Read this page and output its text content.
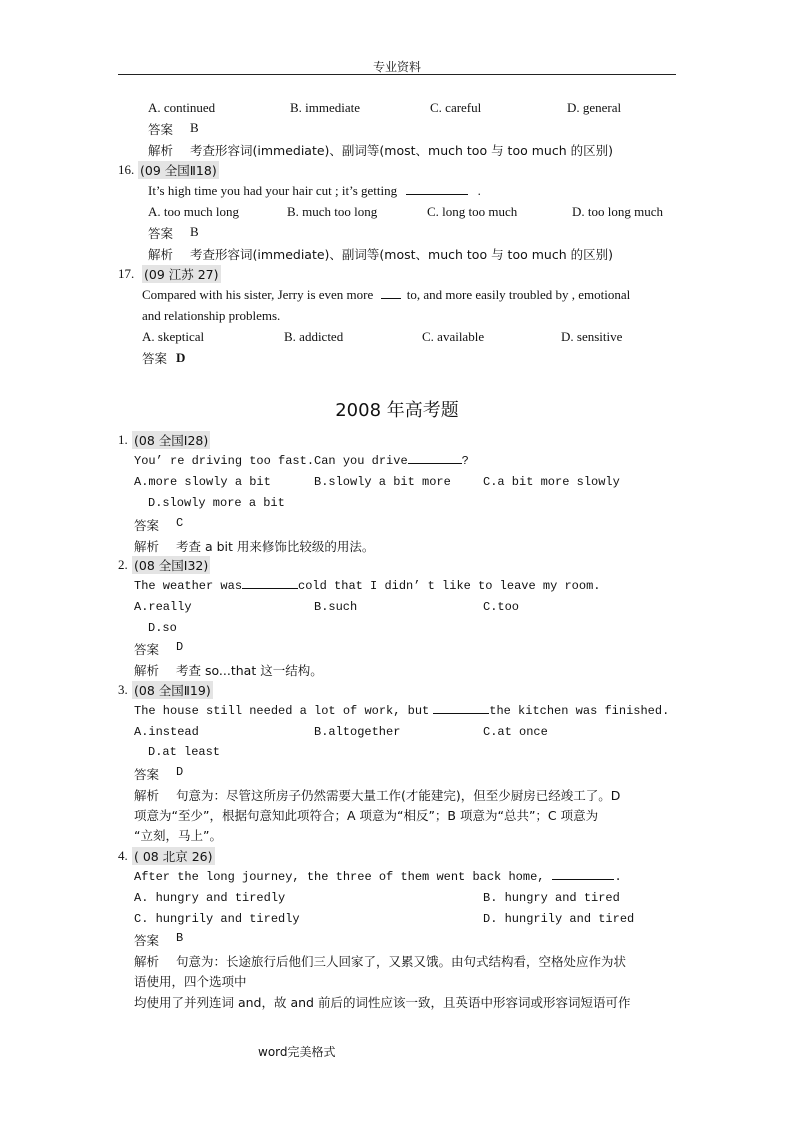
专业资料
A. continued	B. immediate	C. careful	D. general
答案 B
解析 考查形容词(immediate)、副词等(most、much too 与 too much 的区别)
16. (09 全国Ⅱ18)
It’s high time you had your hair cut ; it’s getting	.
A. too much long	B. much too long	C. long too much	D. too long much
答案 B
解析 考查形容词(immediate)、副词等(most、much too 与 too much 的区别)
17. (09 江苏 27)
Compared with his sister, Jerry is even more	to, and more easily troubled by , emotional
and relationship problems.
A. skeptical	B. addicted	C. available	D. sensitive
答案 D
2008 年高考题
1. (08 全国Ⅰ28)
You’ re driving too fast.Can you drive	?
A.more slowly a bit	B.slowly a bit more	C.a bit more slowly
D.slowly more a bit
答案 C
解析 考查 a bit 用来修饰比较级的用法。
2. (08 全国Ⅰ32)
The weather was	cold that I didn’ t like to leave my room.
A.really	B.such	C.too
D.so
答案 D
解析 考查 so...that 这一结构。
3. (08 全国Ⅱ19)
The house still needed a lot of work, but	the kitchen was finished.
A.instead	B.altogether	C.at once
D.at least
答案 D
解析 句意为：尽管这所房子仍然需要大量工作(才能建完)，但至少厨房已经竣工了。D
项意为“至少”，根据句意知此项符合；A 项意为“相反”；B 项意为“总共”；C 项意为
“立刻，马上”。
4. ( 08 北京 26)
After the long journey, the three of them went back home,	.
A. hungry and tiredly	B. hungry and tired
C. hungrily and tiredly	D. hungrily and tired
答案 B
解析 句意为：长途旅行后他们三人回家了，又累又饿。由句式结构看，空格处应作为状
语使用，四个选项中
均使用了并列连词 and，故 and 前后的词性应该一致，且英语中形容词或形容词短语可作
word完美格式
